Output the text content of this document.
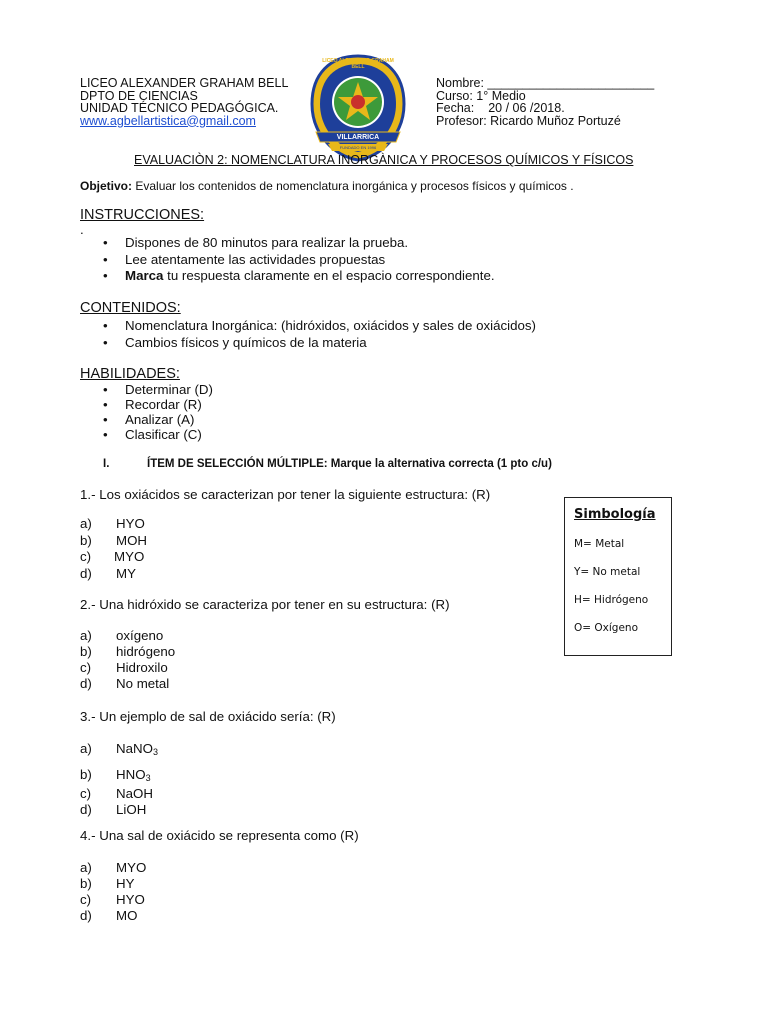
LICEO ALEXANDER GRAHAM BELL
DPTO DE CIENCIAS
UNIDAD TÉCNICO PEDAGÓGICA.
www.agbellartistica@gmail.com
LICEO ALEXANDER GRAHAM BELL
VILLARRICA
FUNDADO EN 1996
Nombre: ________________________
Curso: 1° Medio
Fecha: 20 / 06 /2018.
Profesor: Ricardo Muñoz Portuzé
EVALUACIÒN 2: NOMENCLATURA INORGÀNICA Y PROCESOS QUÍMICOS Y FÍSICOS
Objetivo: Evaluar los contenidos de nomenclatura inorgánica y procesos físicos y químicos .
INSTRUCCIONES:
.
• Dispones de 80 minutos para realizar la prueba.
• Lee atentamente las actividades propuestas
• Marca tu respuesta claramente en el espacio correspondiente.
CONTENIDOS:
• Nomenclatura Inorgánica: (hidróxidos, oxiácidos y sales de oxiácidos)
• Cambios físicos y químicos de la materia
HABILIDADES:
• Determinar (D)
• Recordar (R)
• Analizar (A)
• Clasificar (C)
I.	ÍTEM DE SELECCIÓN MÚLTIPLE: Marque la alternativa correcta (1 pto c/u)
1.- Los oxiácidos se caracterizan por tener la siguiente estructura: (R)
a) HYO
b) MOH
c) MYO
d) MY
2.- Una hidróxido se caracteriza por tener en su estructura: (R)
a) oxígeno
b) hidrógeno
c) Hidroxilo
d) No metal
3.- Un ejemplo de sal de oxiácido sería: (R)
a) NaNO$_3$
b) $HNO_3$
c) NaOH
d) LiOH
4.- Una sal de oxiácido se representa como (R)
a) MYO
b) HY
c) HYO
d) MO
Simbología
M= Metal
Y= No metal
H= Hidrógeno
O= Oxígeno
